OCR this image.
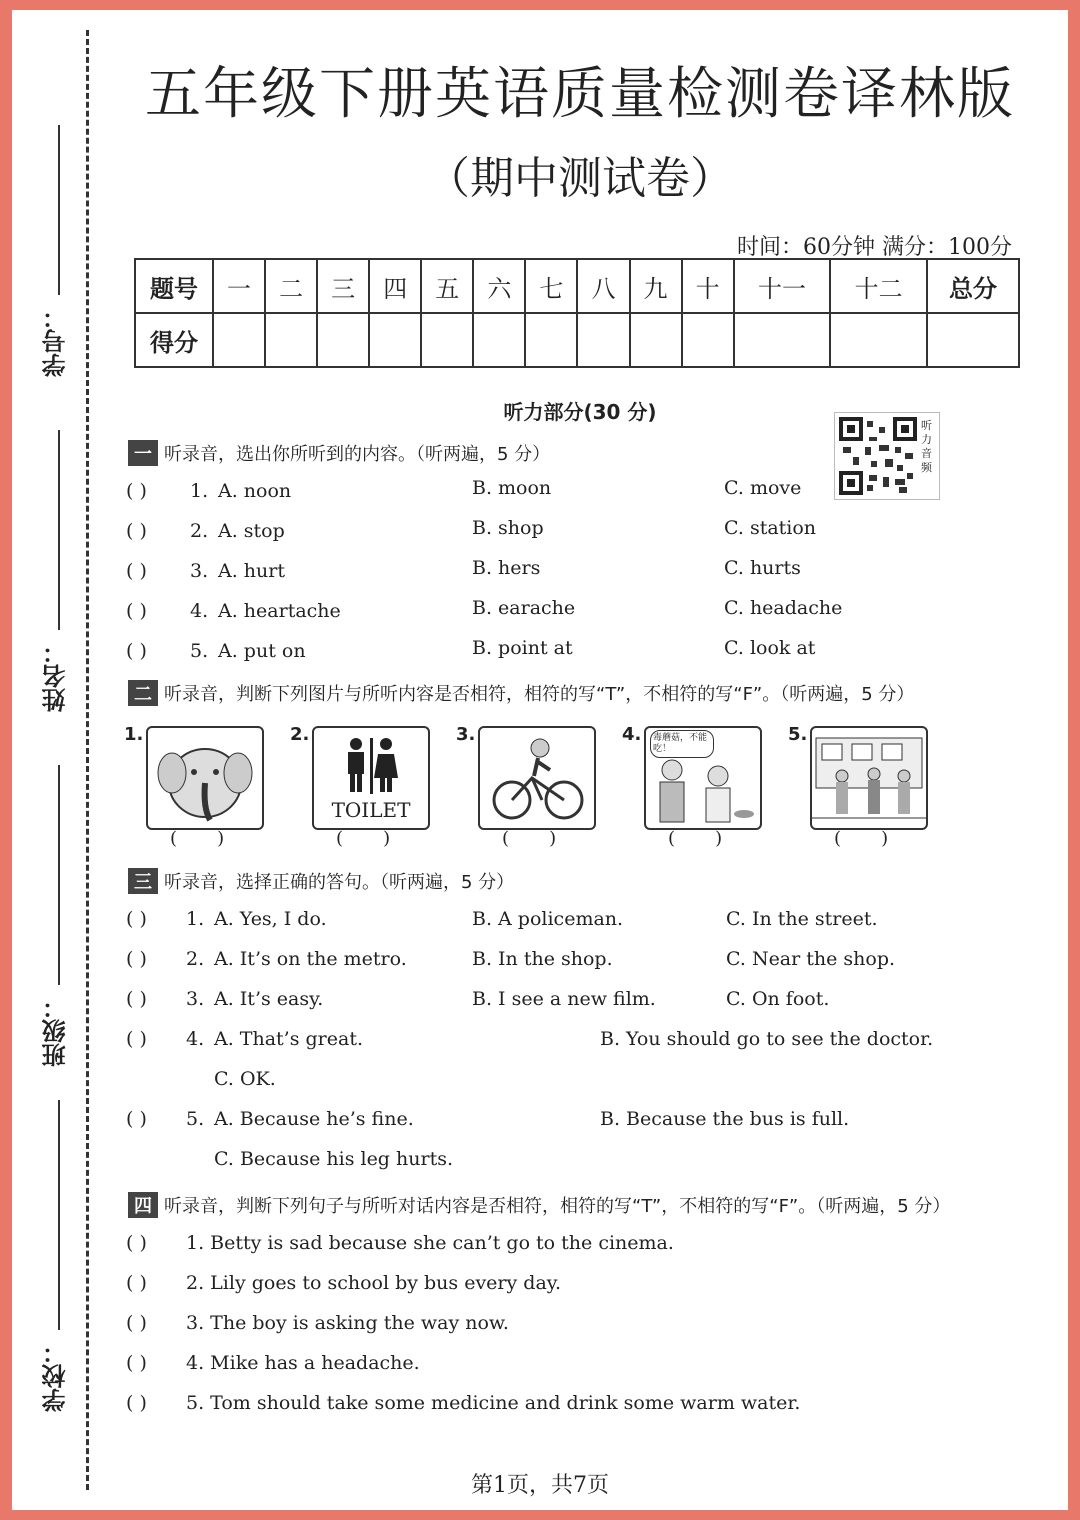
学号：
姓名：
班级：
学校：
五年级下册英语质量检测卷译林版
（期中测试卷）
时间：60分钟 满分：100分
题号	一	二	三	四	五	六	七	八	九	十	十一	十二	总分
得分													
听力部分(30 分)
听力音频
一 听录音，选出你所听到的内容。（听两遍，5 分）
( ) 1. A. noon	B. moon	C. move
( ) 2. A. stop	B. shop	C. station
( ) 3. A. hurt	B. hers	C. hurts
( ) 4. A. heartache	B. earache	C. headache
( ) 5. A. put on	B. point at	C. look at
二 听录音，判断下列图片与所听内容是否相符，相符的写“T”，不相符的写“F”。（听两遍，5 分）
1.
(       )
2.
TOILET
(       )
3.
(       )
4.	毒蘑菇，不能吃！
(       )
5.
(       )
三 听录音，选择正确的答句。（听两遍，5 分）
( ) 1. A. Yes, I do.	B. A policeman.	C. In the street.
( ) 2. A. It’s on the metro.	B. In the shop.	C. Near the shop.
( ) 3. A. It’s easy.	B. I see a new film.	C. On foot.
( ) 4. A. That’s great.	B. You should go to see the doctor.
C. OK.
( ) 5. A. Because he’s fine.	B. Because the bus is full.
C. Because his leg hurts.
四 听录音，判断下列句子与所听对话内容是否相符，相符的写“T”，不相符的写“F”。（听两遍，5 分）
( ) 1. Betty is sad because she can’t go to the cinema.
( ) 2. Lily goes to school by bus every day.
( ) 3. The boy is asking the way now.
( ) 4. Mike has a headache.
( ) 5. Tom should take some medicine and drink some warm water.
第1页，共7页
